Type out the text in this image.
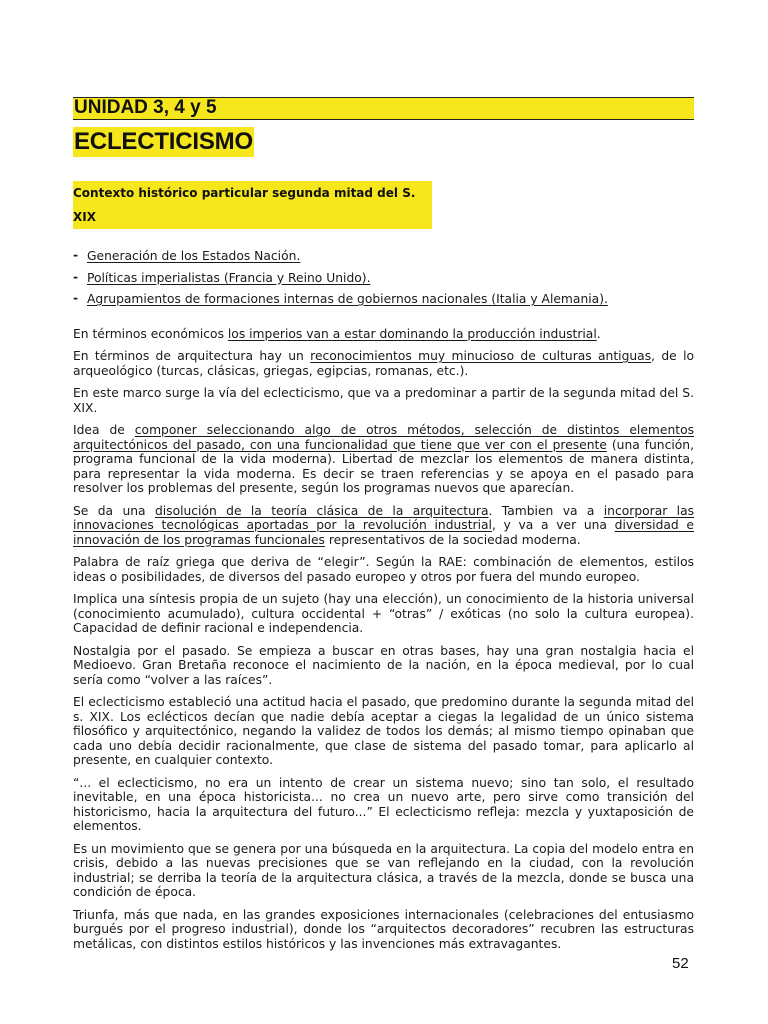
UNIDAD 3, 4 y 5
ECLECTICISMO
Contexto histórico particular segunda mitad del S. XIX
- Generación de los Estados Nación.
- Políticas imperialistas (Francia y Reino Unido).
- Agrupamientos de formaciones internas de gobiernos nacionales (Italia y Alemania).

En términos económicos los imperios van a estar dominando la producción industrial.

En términos de arquitectura hay un reconocimientos muy minucioso de culturas antiguas, de lo arqueológico (turcas, clásicas, griegas, egipcias, romanas, etc.).

En este marco surge la vía del eclecticismo, que va a predominar a partir de la segunda mitad del S. XIX.

Idea de componer seleccionando algo de otros métodos, selección de distintos elementos arquitectónicos del pasado, con una funcionalidad que tiene que ver con el presente (una función, programa funcional de la vida moderna). Libertad de mezclar los elementos de manera distinta, para representar la vida moderna. Es decir se traen referencias y se apoya en el pasado para resolver los problemas del presente, según los programas nuevos que aparecían.

Se da una disolución de la teoría clásica de la arquitectura. Tambien va a incorporar las innovaciones tecnológicas aportadas por la revolución industrial, y va a ver una diversidad e innovación de los programas funcionales representativos de la sociedad moderna.

Palabra de raíz griega que deriva de “elegir”. Según la RAE: combinación de elementos, estilos ideas o posibilidades, de diversos del pasado europeo y otros por fuera del mundo europeo.

Implica una síntesis propia de un sujeto (hay una elección), un conocimiento de la historia universal (conocimiento acumulado), cultura occidental + “otras” / exóticas (no solo la cultura europea). Capacidad de definir racional e independencia.

Nostalgia por el pasado. Se empieza a buscar en otras bases, hay una gran nostalgia hacia el Medioevo. Gran Bretaña reconoce el nacimiento de la nación, en la época medieval, por lo cual sería como “volver a las raíces”.

El eclecticismo estableció una actitud hacia el pasado, que predomino durante la segunda mitad del s. XIX. Los eclécticos decían que nadie debía aceptar a ciegas la legalidad de un único sistema filosófico y arquitectónico, negando la validez de todos los demás; al mismo tiempo opinaban que cada uno debía decidir racionalmente, que clase de sistema del pasado tomar, para aplicarlo al presente, en cualquier contexto.

“... el eclecticismo, no era un intento de crear un sistema nuevo; sino tan solo, el resultado inevitable, en una época historicista... no crea un nuevo arte, pero sirve como transición del historicismo, hacia la arquitectura del futuro...” El eclecticismo refleja: mezcla y yuxtaposición de elementos.

Es un movimiento que se genera por una búsqueda en la arquitectura. La copia del modelo entra en crisis, debido a las nuevas precisiones que se van reflejando en la ciudad, con la revolución industrial; se derriba la teoría de la arquitectura clásica, a través de la mezcla, donde se busca una condición de época.

Triunfa, más que nada, en las grandes exposiciones internacionales (celebraciones del entusiasmo burgués por el progreso industrial), donde los “arquitectos decoradores” recubren las estructuras metálicas, con distintos estilos históricos y las invenciones más extravagantes.

52
